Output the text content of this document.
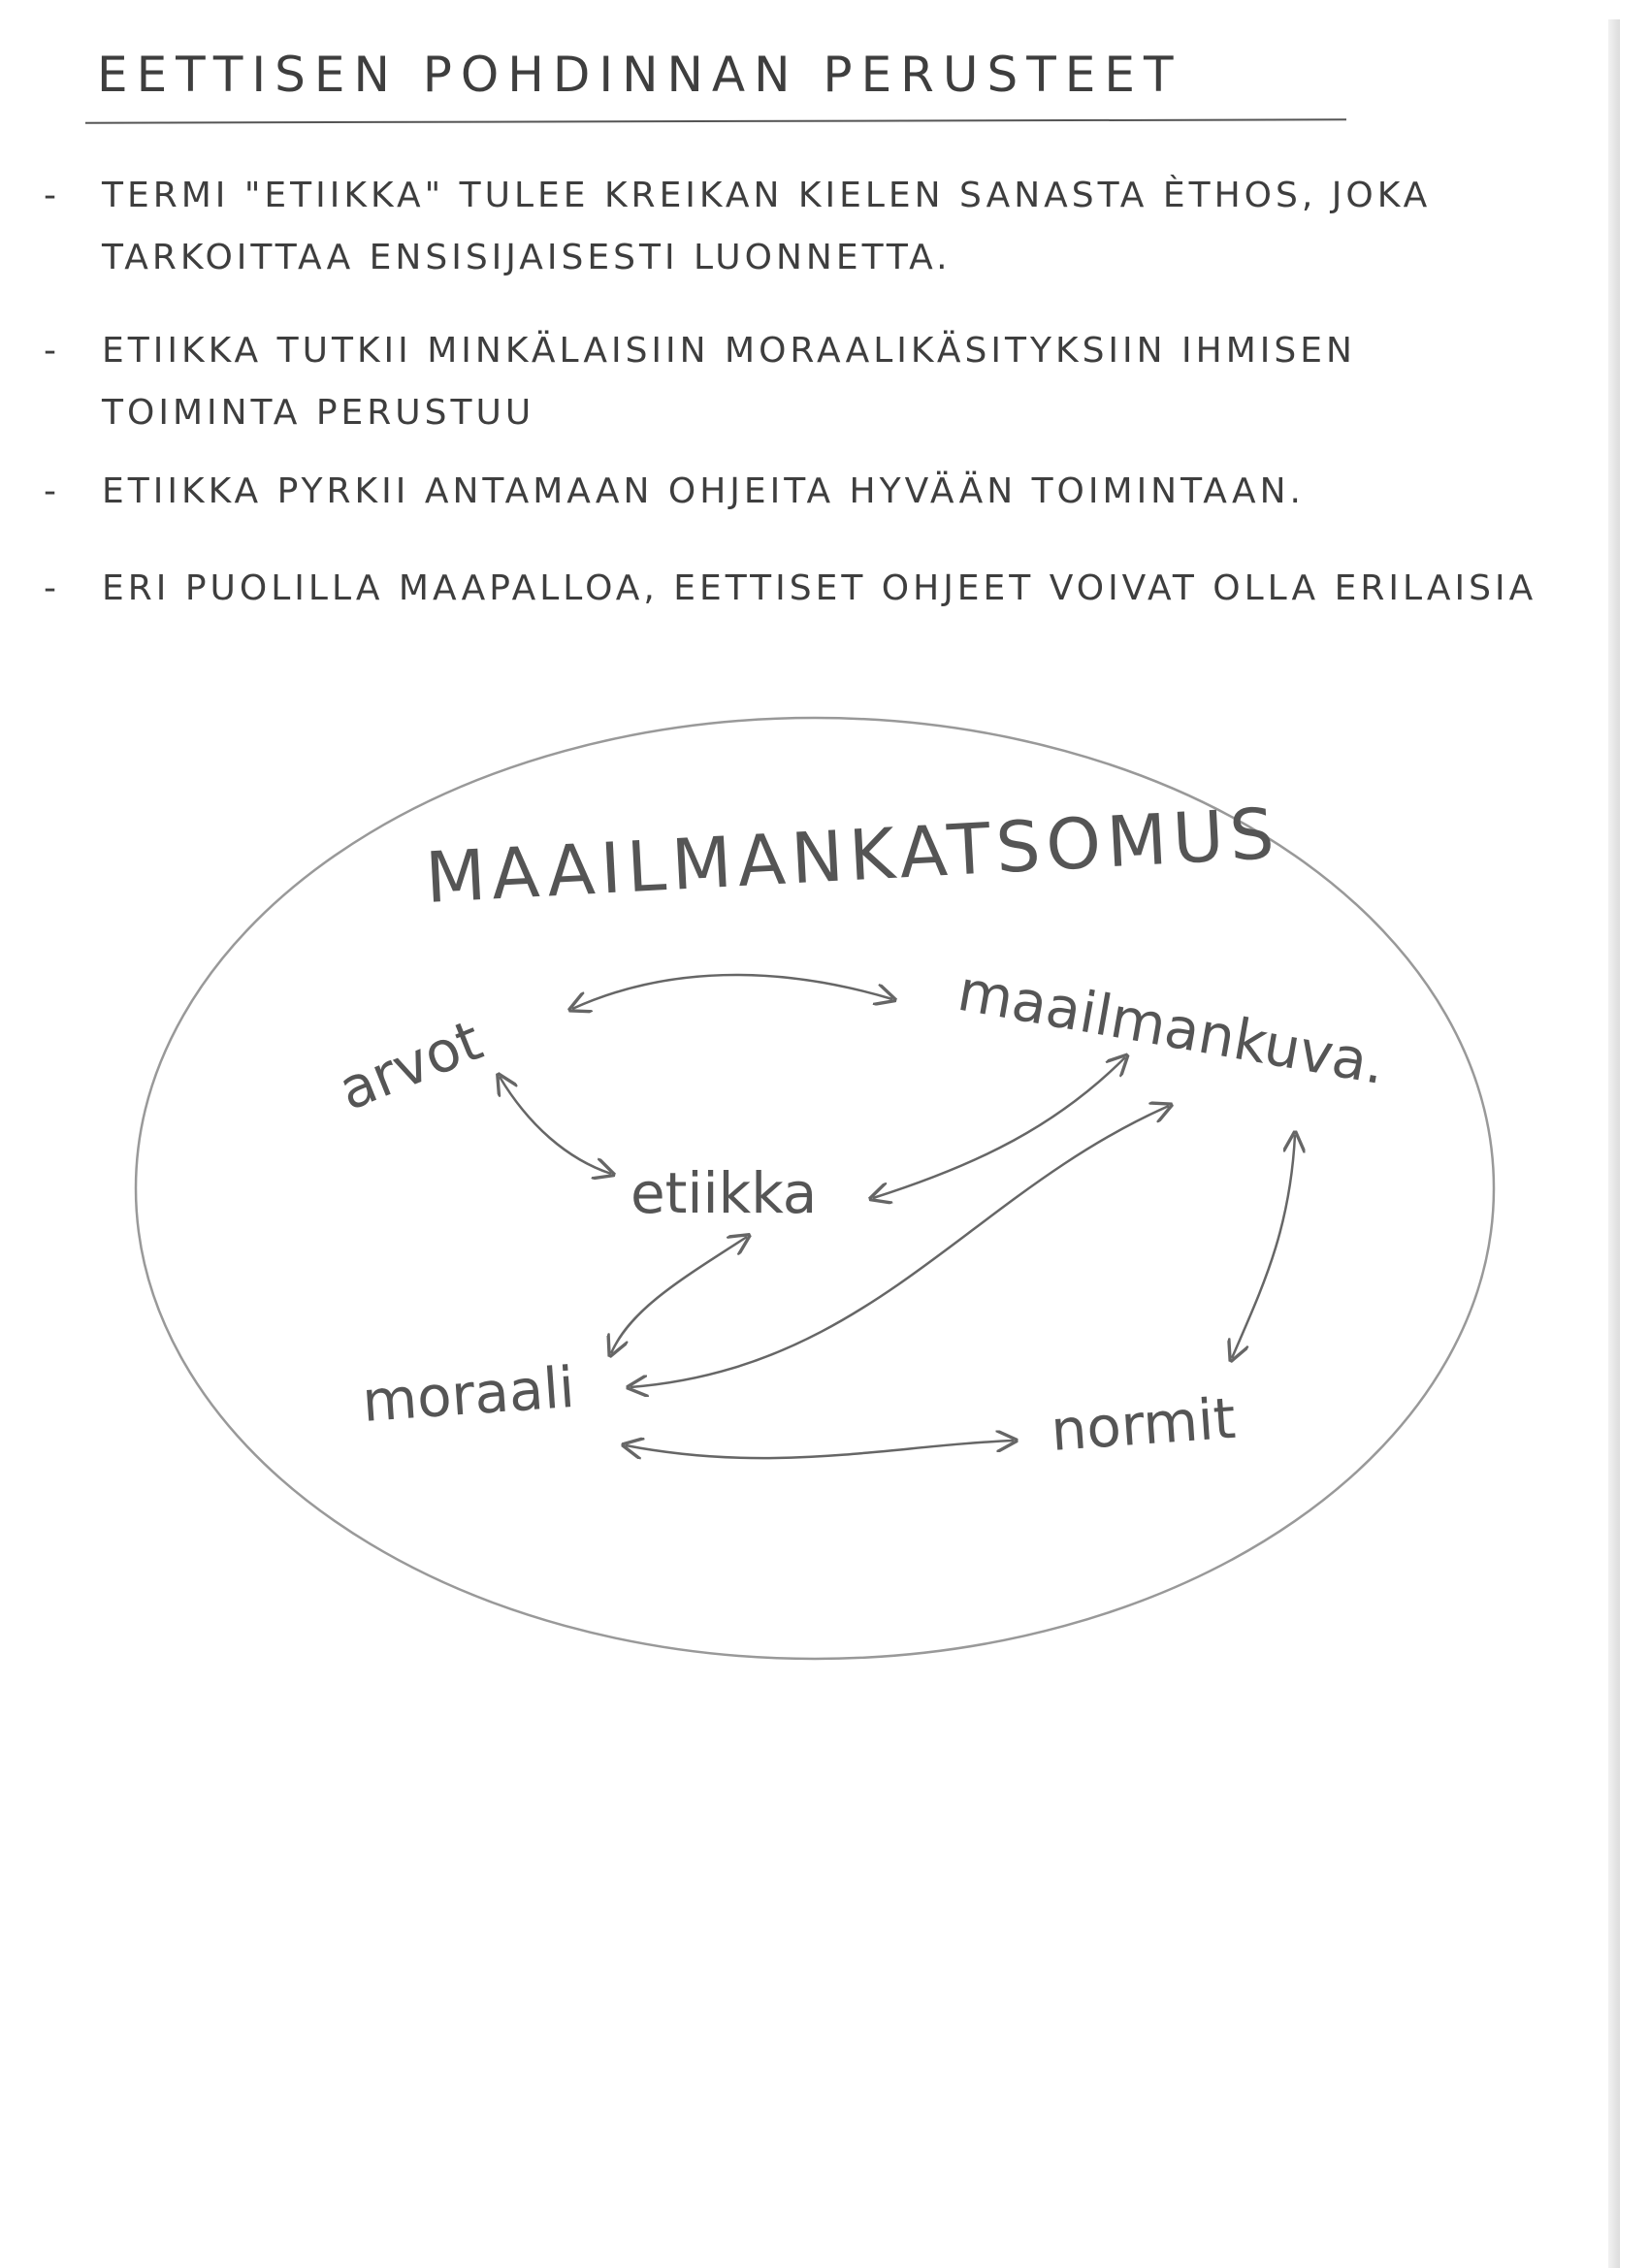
EETTISEN POHDINNAN PERUSTEET
-	TERMI "ETIIKKA" TULEE KREIKAN KIELEN SANASTA ÈTHOS, JOKA TARKOITTAA ENSISIJAISESTI LUONNETTA.
-	ETIIKKA TUTKII MINKÄLAISIIN MORAALIKÄSITYKSIIN IHMISEN TOIMINTA PERUSTUU
-	ETIIKKA PYRKII ANTAMAAN OHJEITA HYVÄÄN TOIMINTAAN.
-	ERI PUOLILLA MAAPALLOA, EETTISET OHJEET VOIVAT OLLA ERILAISIA
MAAILMANKATSOMUS
arvot	maailmankuva.
etiikka
moraali	normit
